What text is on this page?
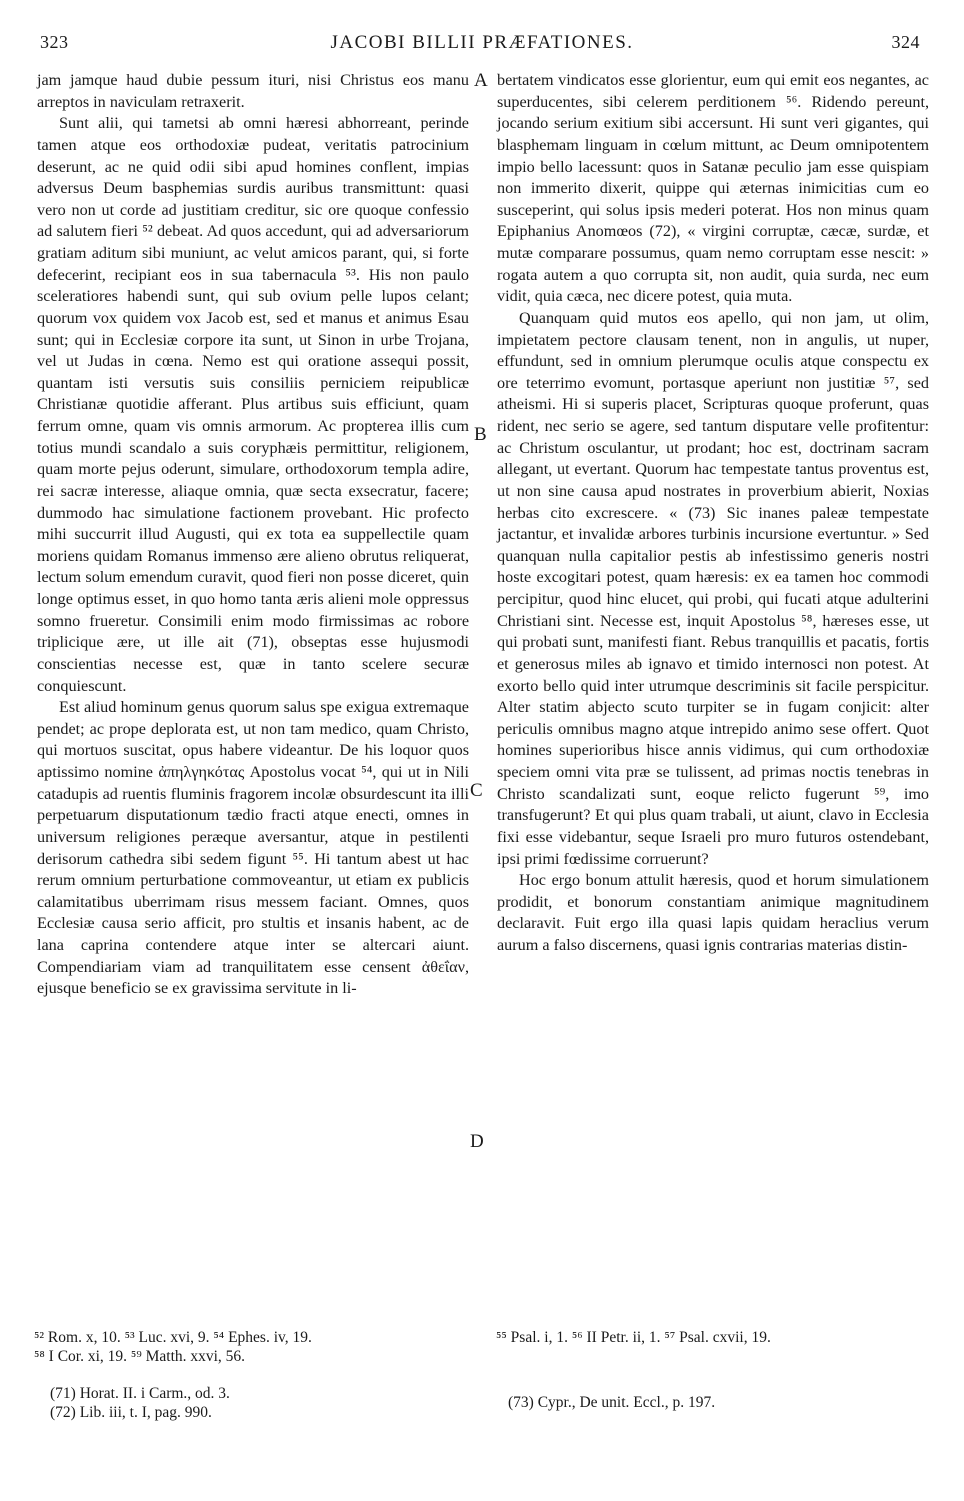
323	JACOBI BILLII PRÆFATIONES.	324

jam jamque haud dubie pessum ituri, nisi Christus eos manu arreptos in naviculam retraxerit.

Sunt alii, qui tametsi ab omni hæresi abhorreant, perinde tamen atque eos orthodoxiæ pudeat, veritatis patrocinium deserunt, ac ne quid odii sibi apud homines conflent, impias adversus Deum basphemias surdis auribus transmittunt: quasi vero non ut corde ad justitiam creditur, sic ore quoque confessio ad salutem fieri ⁵² debeat. Ad quos accedunt, qui ad adversariorum gratiam aditum sibi muniunt, ac velut amicos parant, qui, si forte defecerint, recipiant eos in sua tabernacula ⁵³. His non paulo sceleratiores habendi sunt, qui sub ovium pelle lupos celant; quorum vox quidem vox Jacob est, sed et manus et animus Esau sunt; qui in Ecclesiæ corpore ita sunt, ut Sinon in urbe Trojana, vel ut Judas in cœna. Nemo est qui oratione assequi possit, quantam isti versutis suis consiliis perniciem reipublicæ Christianæ quotidie afferant. Plus artibus suis efficiunt, quam ferrum omne, quam vis omnis armorum. Ac propterea illis cum totius mundi scandalo a suis coryphæis permittitur, religionem, quam morte pejus oderunt, simulare, orthodoxorum templa adire, rei sacræ interesse, aliaque omnia, quæ secta exsecratur, facere; dummodo hac simulatione factionem provebant. Hic profecto mihi succurrit illud Augusti, qui ex tota ea suppellectile quam moriens quidam Romanus immenso ære alieno obrutus reliquerat, lectum solum emendum curavit, quod fieri non posse diceret, quin longe optimus esset, in quo homo tanta æris alieni mole oppressus somno frueretur. Consimili enim modo firmissimas ac robore triplicique ære, ut ille ait (71), obseptas esse hujusmodi conscientias necesse est, quæ in tanto scelere securæ conquiescunt.

Est aliud hominum genus quorum salus spe exigua extremaque pendet; ac prope deplorata est, ut non tam medico, quam Christo, qui mortuos suscitat, opus habere videantur. De his loquor quos aptissimo nomine ἀπηλγηκότας Apostolus vocat ⁵⁴, qui ut in Nili catadupis ad ruentis fluminis fragorem incolæ obsurdescunt ita illi perpetuarum disputationum tædio fracti atque enecti, omnes in universum religiones peræque aversantur, atque in pestilenti derisorum cathedra sibi sedem figunt ⁵⁵. Hi tantum abest ut hac rerum omnium perturbatione commoveantur, ut etiam ex publicis calamitatibus uberrimam risus messem faciant. Omnes, quos Ecclesiæ causa serio afficit, pro stultis et insanis habent, ac de lana caprina contendere atque inter se altercari aiunt. Compendiariam viam ad tranquilitatem esse censent ἀθεΐαν, ejusque beneficio se ex gravissima servitute in li-

bertatem vindicatos esse glorientur, eum qui emit eos negantes, ac superducentes, sibi celerem perditionem ⁵⁶. Ridendo pereunt, jocando serium exitium sibi accersunt. Hi sunt veri gigantes, qui blasphemam linguam in cœlum mittunt, ac Deum omnipotentem impio bello lacessunt: quos in Satanæ peculio jam esse quispiam non immerito dixerit, quippe qui æternas inimicitias cum eo susceperint, qui solus ipsis mederi poterat. Hos non minus quam Epiphanius Anomœos (72), « virgini corruptæ, cæcæ, surdæ, et mutæ comparare possumus, quam nemo corruptam esse nescit: » rogata autem a quo corrupta sit, non audit, quia surda, nec eum vidit, quia cæca, nec dicere potest, quia muta.

Quanquam quid mutos eos apello, qui non jam, ut olim, impietatem pectore clausam tenent, non in angulis, ut nuper, effundunt, sed in omnium plerumque oculis atque conspectu ex ore teterrimo evomunt, portasque aperiunt non justitiæ ⁵⁷, sed atheismi. Hi si superis placet, Scripturas quoque proferunt, quas rident, nec serio se agere, sed tantum disputare velle profitentur: ac Christum osculantur, ut prodant; hoc est, doctrinam sacram allegant, ut evertant. Quorum hac tempestate tantus proventus est, ut non sine causa apud nostrates in proverbium abierit, Noxias herbas cito excrescere. « (73) Sic inanes paleæ tempestate jactantur, et invalidæ arbores turbinis incursione evertuntur. » Sed quanquan nulla capitalior pestis ab infestissimo generis nostri hoste excogitari potest, quam hæresis: ex ea tamen hoc commodi percipitur, quod hinc elucet, qui probi, qui fucati atque adulterini Christiani sint. Necesse est, inquit Apostolus ⁵⁸, hæreses esse, ut qui probati sunt, manifesti fiant. Rebus tranquillis et pacatis, fortis et generosus miles ab ignavo et timido internosci non potest. At exorto bello quid inter utrumque descriminis sit facile perspicitur. Alter statim abjecto scuto turpiter se in fugam conjicit: alter periculis omnibus magno atque intrepido animo sese offert. Quot homines superioribus hisce annis vidimus, qui cum orthodoxiæ speciem omni vita præ se tulissent, ad primas noctis tenebras in Christo scandalizati sunt, eoque relicto fugerunt ⁵⁹, imo transfugerunt? Et qui plus quam trabali, ut aiunt, clavo in Ecclesia fixi esse videbantur, seque Israeli pro muro futuros ostendebant, ipsi primi fœdissime corruerunt?

Hoc ergo bonum attulit hæresis, quod et horum simulationem prodidit, et bonorum constantiam animique magnitudinem declaravit. Fuit ergo illa quasi lapis quidam heraclius verum aurum a falso discernens, quasi ignis contrarias materias distin-

A
B
C
D
⁵² Rom. x, 10. ⁵³ Luc. xvi, 9. ⁵⁴ Ephes. iv, 19.	⁵⁵ Psal. i, 1. ⁵⁶ II Petr. ii, 1. ⁵⁷ Psal. cxvii, 19.
⁵⁸ I Cor. xi, 19. ⁵⁹ Matth. xxvi, 56.
(71) Horat. II. i Carm., od. 3.
(72) Lib. iii, t. I, pag. 990.
(73) Cypr., De unit. Eccl., p. 197.
